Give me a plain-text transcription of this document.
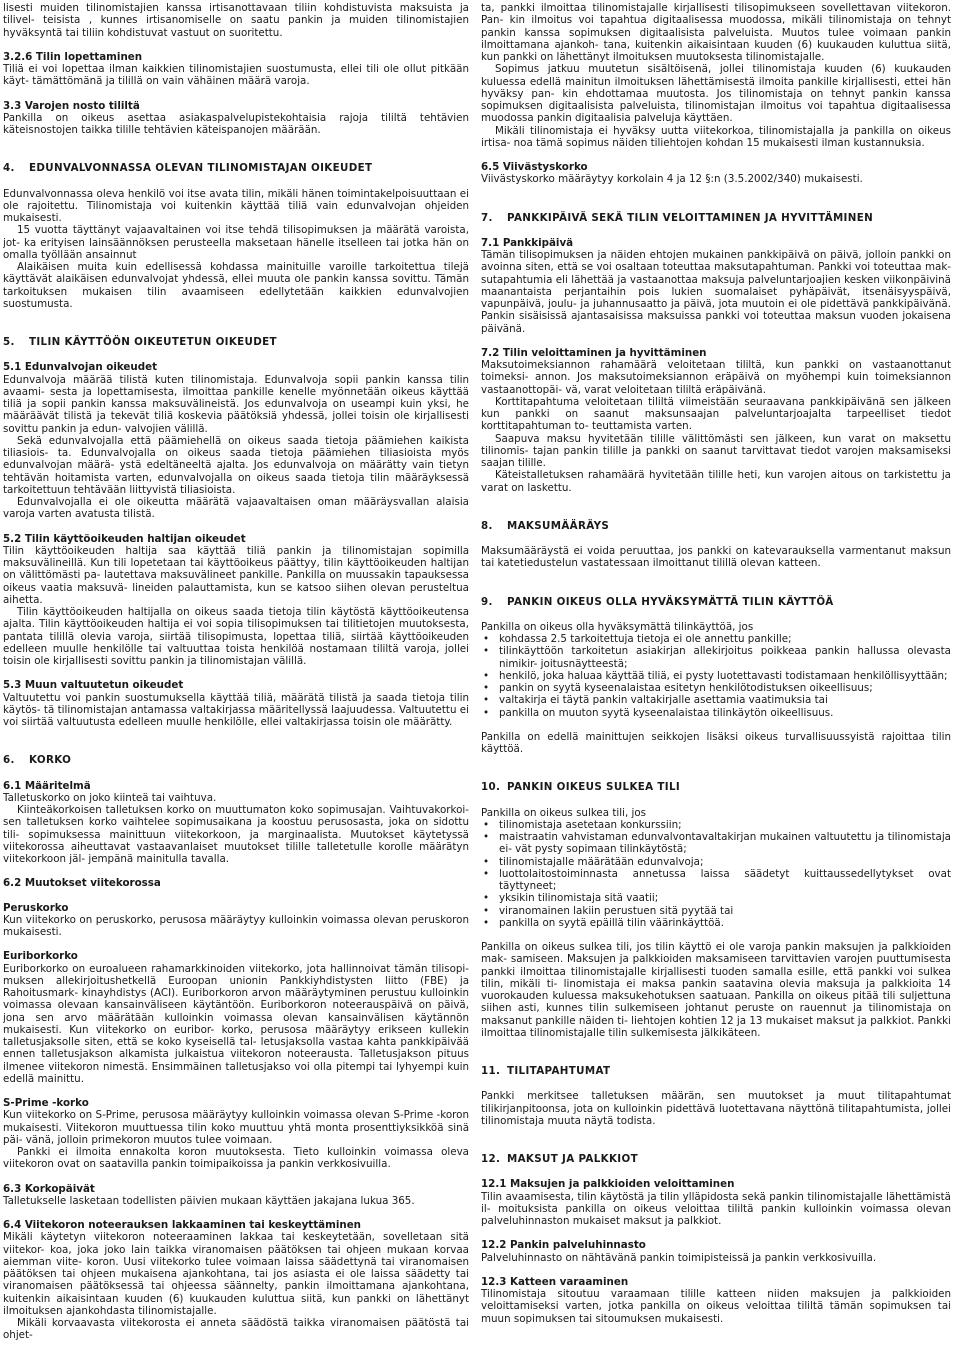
lisesti muiden tilinomistajien kanssa irtisanottavaan tiliin kohdistuvista maksuista ja tilivel- teisista , kunnes irtisanomiselle on saatu pankin ja muiden tilinomistajien hyväksyntä tai tiliin kohdistuvat vastuut on suoritettu.

3.2.6 Tilin lopettaminen

Tiliä ei voi lopettaa ilman kaikkien tilinomistajien suostumusta, ellei tili ole ollut pitkään käyt- tämättömänä ja tilillä on vain vähäinen määrä varoja.

3.3 Varojen nosto tililtä

Pankilla on oikeus asettaa asiakaspalvelupistekohtaisia rajoja tililtä tehtävien käteisnostojen taikka tilille tehtävien käteispanojen määrään.

4. EDUNVALVONNASSA OLEVAN TILINOMISTAJAN OIKEUDET

Edunvalvonnassa oleva henkilö voi itse avata tilin, mikäli hänen toimintakelpoisuuttaan ei ole rajoitettu. Tilinomistaja voi kuitenkin käyttää tiliä vain edunvalvojan ohjeiden mukaisesti.

15 vuotta täyttänyt vajaavaltainen voi itse tehdä tilisopimuksen ja määrätä varoista, jot- ka erityisen lainsäännöksen perusteella maksetaan hänelle itselleen tai jotka hän on omalla työllään ansainnut

Alaikäisen muita kuin edellisessä kohdassa mainituille varoille tarkoitettua tilejä käyttävät alaikäisen edunvalvojat yhdessä, ellei muuta ole pankin kanssa sovittu. Tämän tarkoituksen mukaisen tilin avaamiseen edellytetään kaikkien edunvalvojien suostumusta.

5. TILIN KÄYTTÖÖN OIKEUTETUN OIKEUDET
5.1 Edunvalvojan oikeudet

Edunvalvoja määrää tilistä kuten tilinomistaja. Edunvalvoja sopii pankin kanssa tilin avaami- sesta ja lopettamisesta, ilmoittaa pankille kenelle myönnetään oikeus käyttää tiliä ja sopii pankin kanssa maksuvälineistä. Jos edunvalvoja on useampi kuin yksi, he määräävät tilistä ja tekevät tiliä koskevia päätöksiä yhdessä, jollei toisin ole kirjallisesti sovittu pankin ja edun- valvojien välillä.

Sekä edunvalvojalla että päämiehellä on oikeus saada tietoja päämiehen kaikista tiliasiois- ta. Edunvalvojalla on oikeus saada tietoja päämiehen tiliasioista myös edunvalvojan määrä- ystä edeltäneeltä ajalta. Jos edunvalvoja on määrätty vain tietyn tehtävän hoitamista varten, edunvalvojalla on oikeus saada tietoja tilin määräyksessä tarkoitettuun tehtävään liittyvistä tiliasioista.

Edunvalvojalla ei ole oikeutta määrätä vajaavaltaisen oman määräysvallan alaisia varoja varten avatusta tilistä.

5.2 Tilin käyttöoikeuden haltijan oikeudet

Tilin käyttöoikeuden haltija saa käyttää tiliä pankin ja tilinomistajan sopimilla maksuvälineillä. Kun tili lopetetaan tai käyttöoikeus päättyy, tilin käyttöoikeuden haltijan on välittömästi pa- lautettava maksuvälineet pankille. Pankilla on muussakin tapauksessa oikeus vaatia maksuvä- lineiden palauttamista, kun se katsoo siihen olevan perusteltua aihetta.

Tilin käyttöoikeuden haltijalla on oikeus saada tietoja tilin käytöstä käyttöoikeutensa ajalta. Tilin käyttöoikeuden haltija ei voi sopia tilisopimuksen tai tilitietojen muutoksesta, pantata tilillä olevia varoja, siirtää tilisopimusta, lopettaa tiliä, siirtää käyttöoikeuden edelleen muulle henkilölle tai valtuuttaa toista henkilöä nostamaan tililtä varoja, jollei toisin ole kirjallisesti sovittu pankin ja tilinomistajan välillä.

5.3 Muun valtuutetun oikeudet

Valtuutettu voi pankin suostumuksella käyttää tiliä, määrätä tilistä ja saada tietoja tilin käytös- tä tilinomistajan antamassa valtakirjassa määritellyssä laajuudessa. Valtuutettu ei voi siirtää valtuutusta edelleen muulle henkilölle, ellei valtakirjassa toisin ole määrätty.

6. KORKO
6.1 Määritelmä

Talletuskorko on joko kiinteä tai vaihtuva.

Kiinteäkorkoisen talletuksen korko on muuttumaton koko sopimusajan. Vaihtuvakorkoi- sen talletuksen korko vaihtelee sopimusaikana ja koostuu perusosasta, joka on sidottu tili- sopimuksessa mainittuun viitekorkoon, ja marginaalista. Muutokset käytetyssä viitekorossa aiheuttavat vastaavanlaiset muutokset tilille talletetulle korolle määrätyn viitekorkoon jäl- jempänä mainitulla tavalla.

6.2 Muutokset viitekorossa
Peruskorko

Kun viitekorko on peruskorko, perusosa määräytyy kulloinkin voimassa olevan peruskoron mukaisesti.

Euriborkorko

Euriborkorko on euroalueen rahamarkkinoiden viitekorko, jota hallinnoivat tämän tilisopi- muksen allekirjoitushetkellä Euroopan unionin Pankkiyhdistysten liitto (FBE) ja Rahoitusmark- kinayhdistys (ACI). Euriborkoron arvon määräytyminen perustuu kulloinkin voimassa olevaan kansainväliseen käytäntöön. Euriborkoron noteerauspäivä on päivä, jona sen arvo määrätään kulloinkin voimassa olevan kansainvälisen käytännön mukaisesti. Kun viitekorko on euribor- korko, perusosa määräytyy erikseen kullekin talletusjaksolle siten, että se koko kyseisellä tal- letusjaksolla vastaa kahta pankkipäivää ennen talletusjakson alkamista julkaistua viitekoron noteerausta. Talletusjakson pituus ilmenee viitekoron nimestä. Ensimmäinen talletusjakso voi olla pitempi tai lyhyempi kuin edellä mainittu.

S-Prime -korko

Kun viitekorko on S-Prime, perusosa määräytyy kulloinkin voimassa olevan S-Prime -koron mukaisesti. Viitekoron muuttuessa tilin koko muuttuu yhtä monta prosenttiyksikköä sinä päi- vänä, jolloin primekoron muutos tulee voimaan.

Pankki ei ilmoita ennakolta koron muutoksesta. Tieto kulloinkin voimassa oleva viitekoron ovat on saatavilla pankin toimipaikoissa ja pankin verkkosivuilla.

6.3 Korkopäivät

Talletukselle lasketaan todellisten päivien mukaan käyttäen jakajana lukua 365.

6.4 Viitekoron noteerauksen lakkaaminen tai keskeyttäminen

Mikäli käytetyn viitekoron noteeraaminen lakkaa tai keskeytetään, sovelletaan sitä viitekor- koa, joka joko lain taikka viranomaisen päätöksen tai ohjeen mukaan korvaa aiemman viite- koron. Uusi viitekorko tulee voimaan laissa säädettynä tai viranomaisen päätöksen tai ohjeen mukaisena ajankohtana, tai jos asiasta ei ole laissa säädetty tai viranomaisen päätöksessä tai ohjeessa säännelty, pankin ilmoittamana ajankohtana, kuitenkin aikaisintaan kuuden (6) kuukauden kuluttua siitä, kun pankki on lähettänyt ilmoituksen ajankohdasta tilinomistajalle.

Mikäli korvaavasta viitekorosta ei anneta säädöstä taikka viranomaisen päätöstä tai ohjet-

ta, pankki ilmoittaa tilinomistajalle kirjallisesti tilisopimukseen sovellettavan viitekoron. Pan- kin ilmoitus voi tapahtua digitaalisessa muodossa, mikäli tilinomistaja on tehnyt pankin kanssa sopimuksen digitaalisista palveluista. Muutos tulee voimaan pankin ilmoittamana ajankoh- tana, kuitenkin aikaisintaan kuuden (6) kuukauden kuluttua siitä, kun pankki on lähettänyt ilmoituksen muutoksesta tilinomistajalle.

Sopimus jatkuu muutetun sisältöisenä, jollei tilinomistaja kuuden (6) kuukauden kuluessa edellä mainitun ilmoituksen lähettämisestä ilmoita pankille kirjallisesti, ettei hän hyväksy pan- kin ehdottamaa muutosta. Jos tilinomistaja on tehnyt pankin kanssa sopimuksen digitaalisista palveluista, tilinomistajan ilmoitus voi tapahtua digitaalisessa muodossa pankin digitaalisia palveluja käyttäen.

Mikäli tilinomistaja ei hyväksy uutta viitekorkoa, tilinomistajalla ja pankilla on oikeus irtisa- noa tämä sopimus näiden tiliehtojen kohdan 15 mukaisesti ilman kustannuksia.

6.5 Viivästyskorko

Viivästyskorko määräytyy korkolain 4 ja 12 §:n (3.5.2002/340) mukaisesti.

7. PANKKIPÄIVÄ SEKÄ TILIN VELOITTAMINEN JA HYVITTÄMINEN
7.1 Pankkipäivä

Tämän tilisopimuksen ja näiden ehtojen mukainen pankkipäivä on päivä, jolloin pankki on avoinna siten, että se voi osaltaan toteuttaa maksutapahtuman. Pankki voi toteuttaa mak- sutapahtumia eli lähettää ja vastaanottaa maksuja palveluntarjoajien kesken viikonpäivinä maanantaista perjantaihin pois lukien suomalaiset pyhäpäivät, itsenäisyyspäivä, vapunpäivä, joulu- ja juhannusaatto ja päivä, jota muutoin ei ole pidettävä pankkipäivänä. Pankin sisäisissä ajantasaisissa maksuissa pankki voi toteuttaa maksun vuoden jokaisena päivänä.

7.2 Tilin veloittaminen ja hyvittäminen

Maksutoimeksiannon rahamäärä veloitetaan tililtä, kun pankki on vastaanottanut toimeksi- annon. Jos maksutoimeksiannon eräpäivä on myöhempi kuin toimeksiannon vastaanottopäi- vä, varat veloitetaan tililtä eräpäivänä.

Korttitapahtuma veloitetaan tililtä viimeistään seuraavana pankkipäivänä sen jälkeen kun pankki on saanut maksunsaajan palveluntarjoajalta tarpeelliset tiedot korttitapahtuman to- teuttamista varten.

Saapuva maksu hyvitetään tilille välittömästi sen jälkeen, kun varat on maksettu tilinomis- tajan pankin tilille ja pankki on saanut tarvittavat tiedot varojen maksamiseksi saajan tilille.

Käteistalletuksen rahamäärä hyvitetään tilille heti, kun varojen aitous on tarkistettu ja varat on laskettu.

8. MAKSUMÄÄRÄYS

Maksumääräystä ei voida peruuttaa, jos pankki on katevarauksella varmentanut maksun tai katetiedustelun vastatessaan ilmoittanut tilillä olevan katteen.

9. PANKIN OIKEUS OLLA HYVÄKSYMÄTTÄ TILIN KÄYTTÖÄ

Pankilla on oikeus olla hyväksymättä tilinkäyttöä, jos

• kohdassa 2.5 tarkoitettuja tietoja ei ole annettu pankille;
• tilinkäyttöön tarkoitetun asiakirjan allekirjoitus poikkeaa pankin hallussa olevasta nimikir- joitusnäytteestä;
• henkilö, joka haluaa käyttää tiliä, ei pysty luotettavasti todistamaan henkilöllisyyttään;
• pankin on syytä kyseenalaistaa esitetyn henkilötodistuksen oikeellisuus;
• valtakirja ei täytä pankin valtakirjalle asettamia vaatimuksia tai
• pankilla on muuton syytä kyseenalaistaa tilinkäytön oikeellisuus.

Pankilla on edellä mainittujen seikkojen lisäksi oikeus turvallisuussyistä rajoittaa tilin käyttöä.

10. PANKIN OIKEUS SULKEA TILI

Pankilla on oikeus sulkea tili, jos

• tilinomistaja asetetaan konkurssiin;
• maistraatin vahvistaman edunvalvontavaltakirjan mukainen valtuutettu ja tilinomistaja ei- vät pysty sopimaan tilinkäytöstä;
• tilinomistajalle määrätään edunvalvoja;
• luottolaitostoiminnasta annetussa laissa säädetyt kuittaussedellytykset ovat täyttyneet;
• yksikin tilinomistaja sitä vaatii;
• viranomainen lakiin perustuen sitä pyytää tai
• pankilla on syytä epäillä tilin väärinkäyttöä.

Pankilla on oikeus sulkea tili, jos tilin käyttö ei ole varoja pankin maksujen ja palkkioiden mak- samiseen. Maksujen ja palkkioiden maksamiseen tarvittavien varojen puuttumisesta pankki ilmoittaa tilinomistajalle kirjallisesti tuoden samalla esille, että pankki voi sulkea tilin, mikäli ti- linomistaja ei maksa pankin saatavina olevia maksuja ja palkkioita 14 vuorokauden kuluessa maksukehotuksen saatuaan. Pankilla on oikeus pitää tili suljettuna siihen asti, kunnes tilin sulkemiseen johtanut peruste on rauennut ja tilinomistaja on maksanut pankille näiden ti- liehtojen kohtien 12 ja 13 mukaiset maksut ja palkkiot. Pankki ilmoittaa tilinomistajalle tilin sulkemisesta jälkikäteen.

11. TILITAPAHTUMAT

Pankki merkitsee talletuksen määrän, sen muutokset ja muut tilitapahtumat tilikirjanpitoonsa, jota on kulloinkin pidettävä luotettavana näyttönä tilitapahtumista, jollei tilinomistaja muuta näytä todista.

12. MAKSUT JA PALKKIOT
12.1 Maksujen ja palkkioiden veloittaminen

Tilin avaamisesta, tilin käytöstä ja tilin ylläpidosta sekä pankin tilinomistajalle lähettämistä il- moituksista pankilla on oikeus veloittaa tililtä pankin kulloinkin voimassa olevan palveluhinnaston mukaiset maksut ja palkkiot.

12.2 Pankin palveluhinnasto

Palveluhinnasto on nähtävänä pankin toimipisteissä ja pankin verkkosivuilla.

12.3 Katteen varaaminen

Tilinomistaja sitoutuu varaamaan tilille katteen niiden maksujen ja palkkioiden veloittamiseksi varten, jotka pankilla on oikeus veloittaa tililtä tämän sopimuksen tai muun sopimuksen tai sitoumuksen mukaisesti.
